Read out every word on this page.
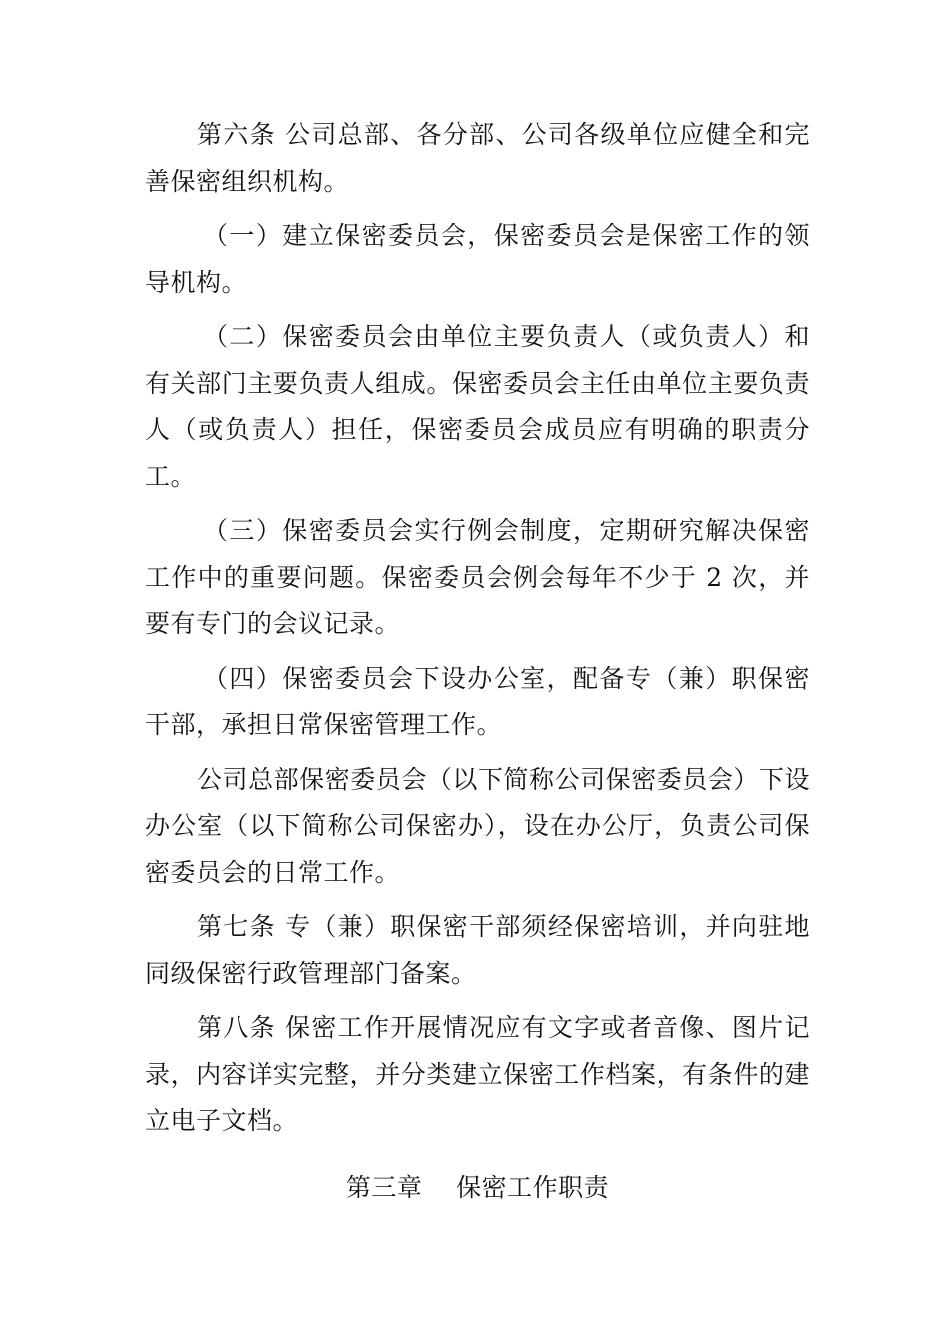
第六条 公司总部、各分部、公司各级单位应健全和完善保密组织机构。

（一）建立保密委员会，保密委员会是保密工作的领导机构。

（二）保密委员会由单位主要负责人（或负责人）和有关部门主要负责人组成。保密委员会主任由单位主要负责人（或负责人）担任，保密委员会成员应有明确的职责分工。

（三）保密委员会实行例会制度，定期研究解决保密工作中的重要问题。保密委员会例会每年不少于 2 次，并要有专门的会议记录。

（四）保密委员会下设办公室，配备专（兼）职保密干部，承担日常保密管理工作。

公司总部保密委员会（以下简称公司保密委员会）下设办公室（以下简称公司保密办），设在办公厅，负责公司保密委员会的日常工作。

第七条 专（兼）职保密干部须经保密培训，并向驻地同级保密行政管理部门备案。

第八条 保密工作开展情况应有文字或者音像、图片记录，内容详实完整，并分类建立保密工作档案，有条件的建立电子文档。

第三章    保密工作职责
